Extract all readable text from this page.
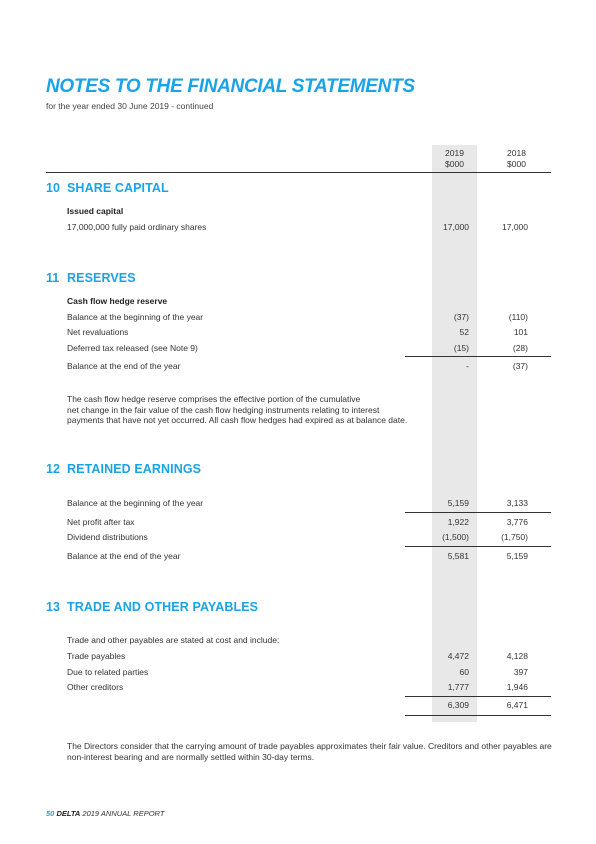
NOTES TO THE FINANCIAL STATEMENTS
for the year ended 30 June 2019 - continued
2019
$000
2018
$000
10 SHARE CAPITAL
Issued capital
17,000,000 fully paid ordinary shares	17,000	17,000
11 RESERVES
Cash flow hedge reserve
Balance at the beginning of the year	(37)	(110)
Net revaluations	52	101
Deferred tax released (see Note 9)	(15)	(28)
Balance at the end of the year	-	(37)
The cash flow hedge reserve comprises the effective portion of the cumulative
net change in the fair value of the cash flow hedging instruments relating to interest
payments that have not yet occurred. All cash flow hedges had expired as at balance date.
12 RETAINED EARNINGS
Balance at the beginning of the year	5,159	3,133
Net profit after tax	1,922	3,776
Dividend distributions	(1,500)	(1,750)
Balance at the end of the year	5,581	5,159
13 TRADE AND OTHER PAYABLES
Trade and other payables are stated at cost and include:
Trade payables	4,472	4,128
Due to related parties	60	397
Other creditors	1,777	1,946
6,309	6,471
The Directors consider that the carrying amount of trade payables approximates their fair value. Creditors and other payables are
non-interest bearing and are normally settled within 30-day terms.
50 DELTA 2019 ANNUAL REPORT
